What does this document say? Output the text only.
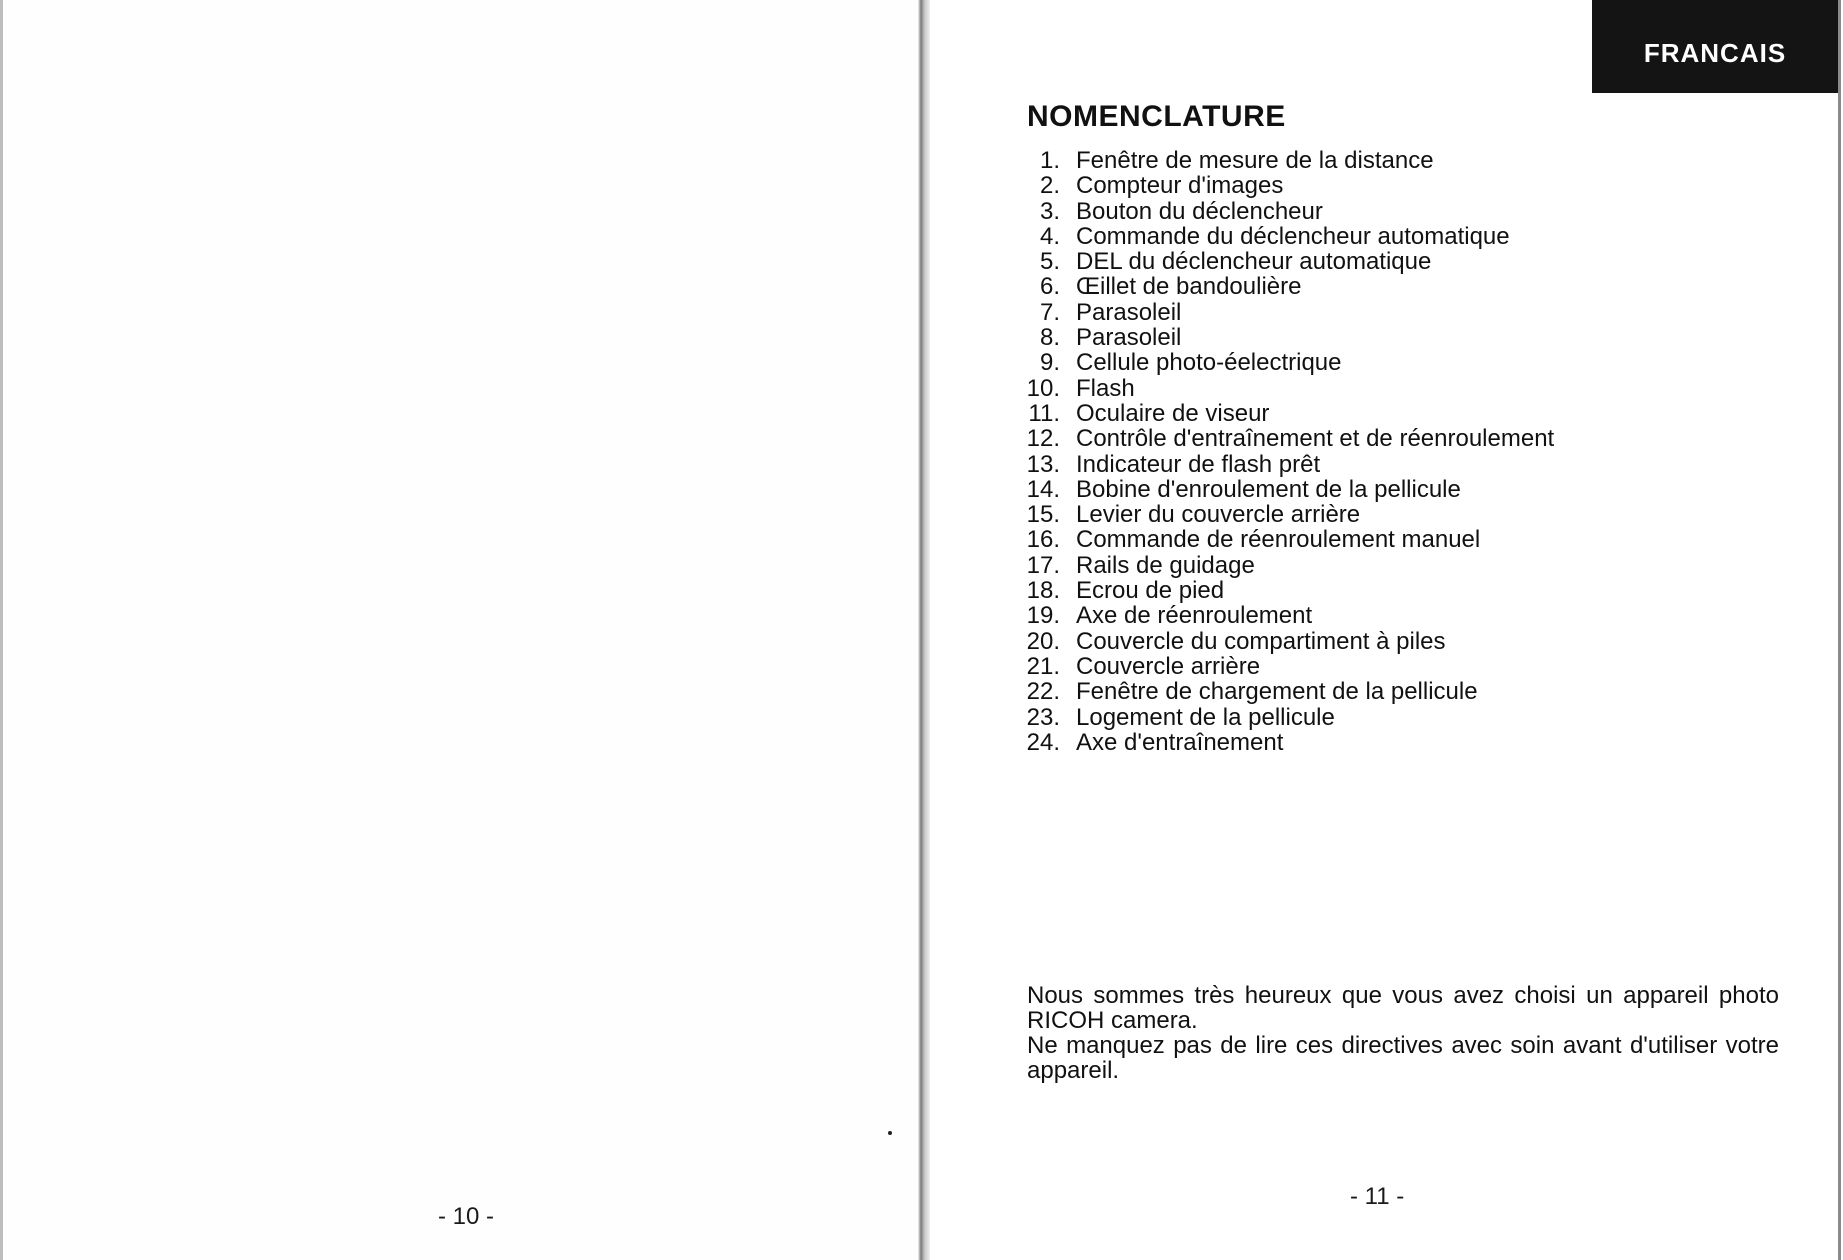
- 10 -
FRANCAIS
NOMENCLATURE
1. Fenêtre de mesure de la distance
2. Compteur d'images
3. Bouton du déclencheur
4. Commande du déclencheur automatique
5. DEL du déclencheur automatique
6. Œillet de bandoulière
7. Parasoleil
8. Parasoleil
9. Cellule photo-éelectrique
10. Flash
11. Oculaire de viseur
12. Contrôle d'entraînement et de réenroulement
13. Indicateur de flash prêt
14. Bobine d'enroulement de la pellicule
15. Levier du couvercle arrière
16. Commande de réenroulement manuel
17. Rails de guidage
18. Ecrou de pied
19. Axe de réenroulement
20. Couvercle du compartiment à piles
21. Couvercle arrière
22. Fenêtre de chargement de la pellicule
23. Logement de la pellicule
24. Axe d'entraînement

Nous sommes très heureux que vous avez choisi un appareil photo RICOH camera.

Ne manquez pas de lire ces directives avec soin avant d'utiliser votre appareil.

- 11 -
